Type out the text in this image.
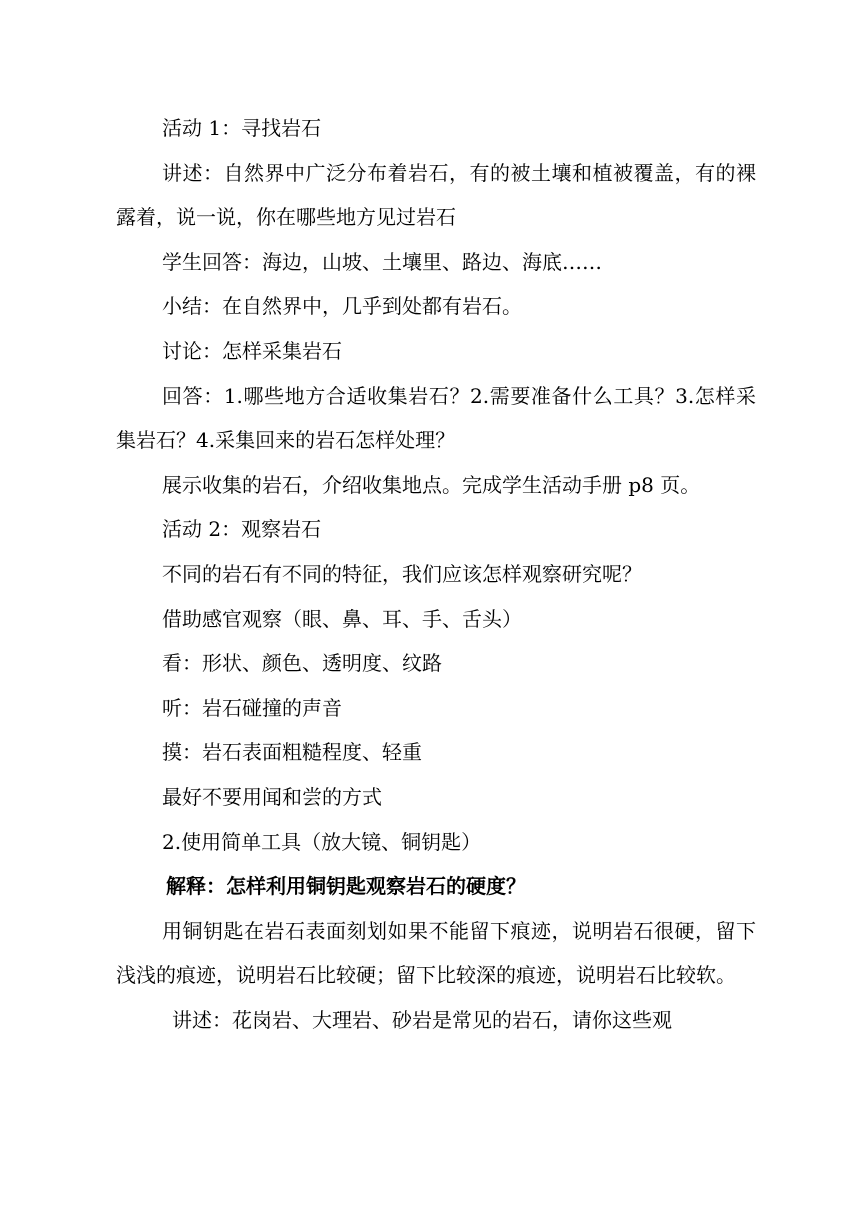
活动 1：寻找岩石

讲述：自然界中广泛分布着岩石，有的被土壤和植被覆盖，有的裸露着，说一说，你在哪些地方见过岩石

学生回答：海边，山坡、土壤里、路边、海底……

小结：在自然界中，几乎到处都有岩石。

讨论：怎样采集岩石

回答：1.哪些地方合适收集岩石？2.需要准备什么工具？3.怎样采集岩石？4.采集回来的岩石怎样处理？

展示收集的岩石，介绍收集地点。完成学生活动手册 p8 页。

活动 2：观察岩石

不同的岩石有不同的特征，我们应该怎样观察研究呢？

借助感官观察（眼、鼻、耳、手、舌头）

看：形状、颜色、透明度、纹路

听：岩石碰撞的声音

摸：岩石表面粗糙程度、轻重

最好不要用闻和尝的方式

2.使用简单工具（放大镜、铜钥匙）

解释：怎样利用铜钥匙观察岩石的硬度？

用铜钥匙在岩石表面刻划如果不能留下痕迹，说明岩石很硬，留下浅浅的痕迹，说明岩石比较硬；留下比较深的痕迹，说明岩石比较软。

讲述：花岗岩、大理岩、砂岩是常见的岩石，请你这些观
